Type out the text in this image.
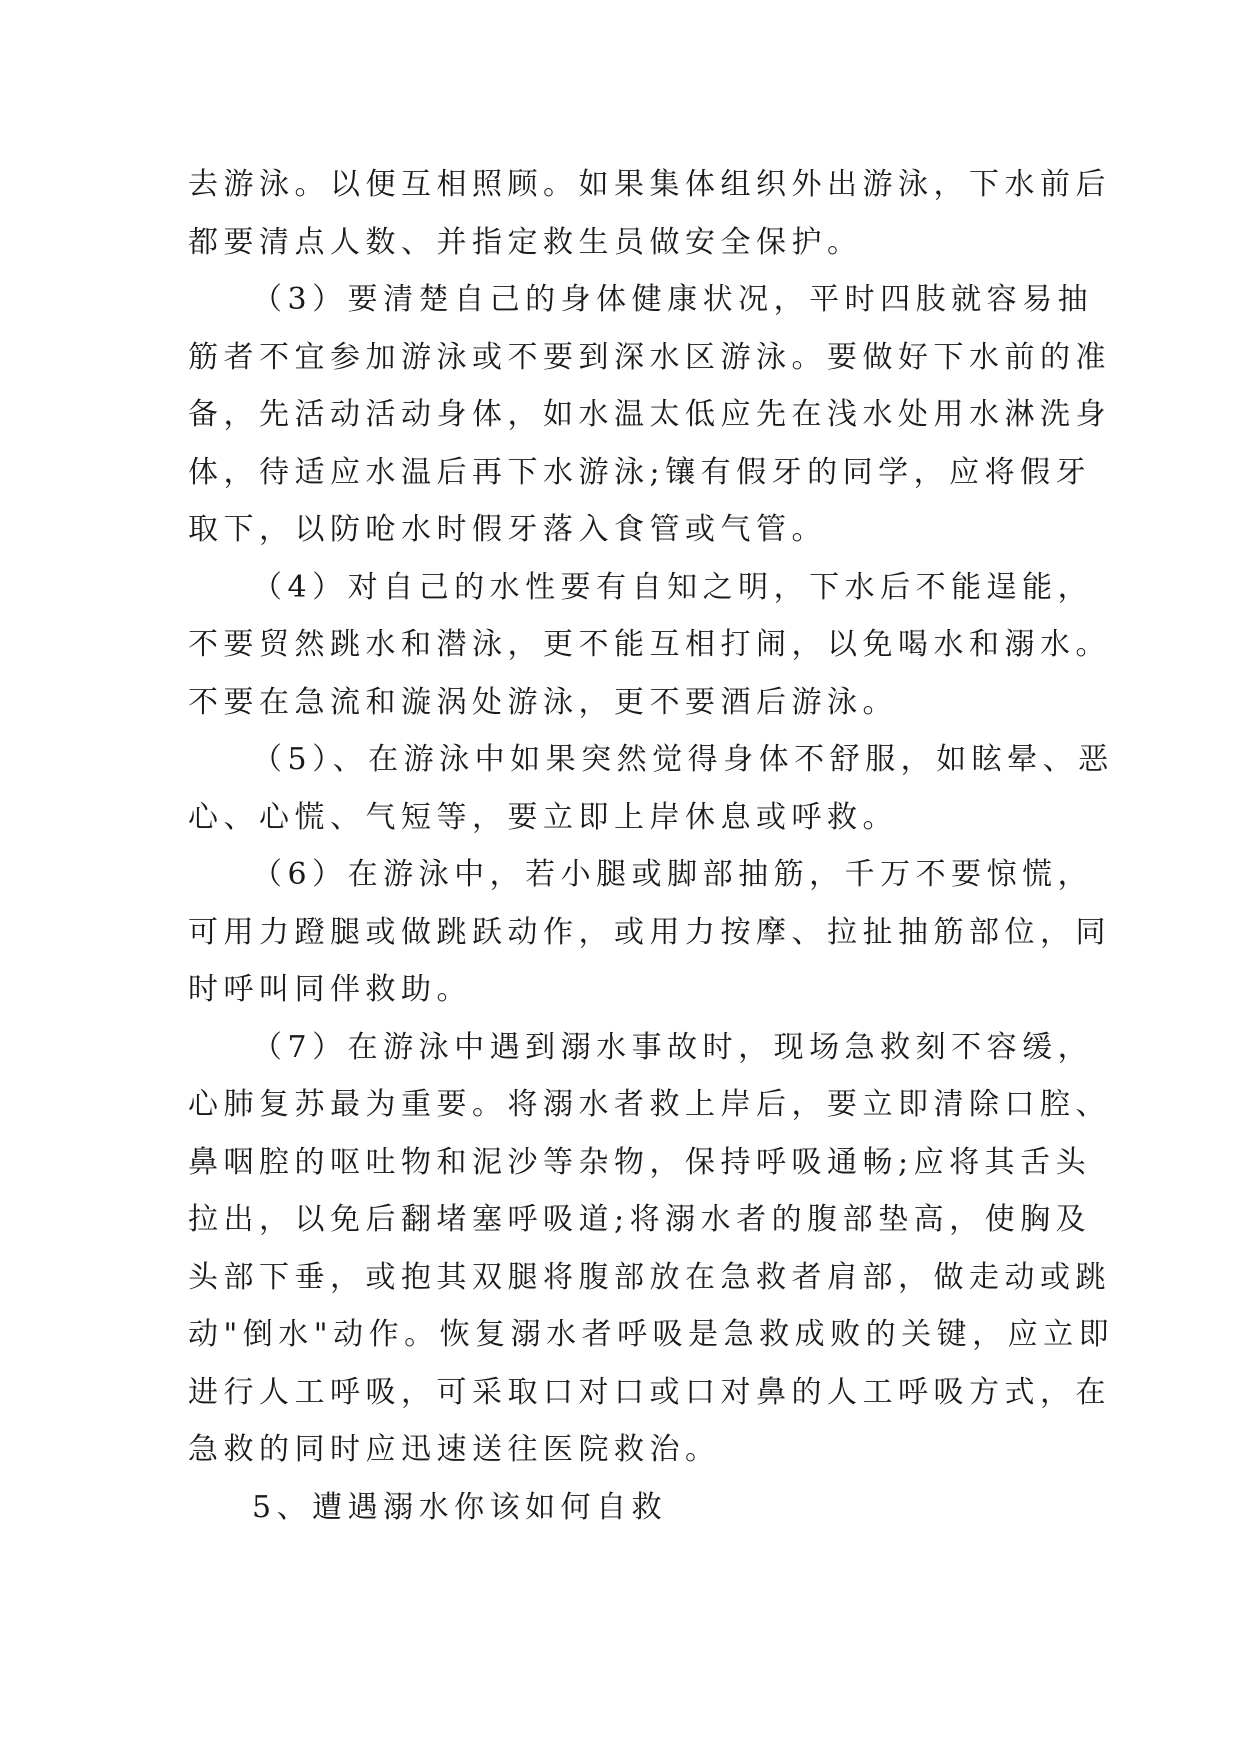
去游泳。以便互相照顾。如果集体组织外出游泳，下水前后
都要清点人数、并指定救生员做安全保护。
（3）要清楚自己的身体健康状况，平时四肢就容易抽
筋者不宜参加游泳或不要到深水区游泳。要做好下水前的准
备，先活动活动身体，如水温太低应先在浅水处用水淋洗身
体，待适应水温后再下水游泳;镶有假牙的同学，应将假牙
取下，以防呛水时假牙落入食管或气管。
（4）对自己的水性要有自知之明，下水后不能逞能，
不要贸然跳水和潜泳，更不能互相打闹，以免喝水和溺水。
不要在急流和漩涡处游泳，更不要酒后游泳。
（5）、在游泳中如果突然觉得身体不舒服，如眩晕、恶
心、心慌、气短等，要立即上岸休息或呼救。
（6）在游泳中，若小腿或脚部抽筋，千万不要惊慌，
可用力蹬腿或做跳跃动作，或用力按摩、拉扯抽筋部位，同
时呼叫同伴救助。
（7）在游泳中遇到溺水事故时，现场急救刻不容缓，
心肺复苏最为重要。将溺水者救上岸后，要立即清除口腔、
鼻咽腔的呕吐物和泥沙等杂物，保持呼吸通畅;应将其舌头
拉出，以免后翻堵塞呼吸道;将溺水者的腹部垫高，使胸及
头部下垂，或抱其双腿将腹部放在急救者肩部，做走动或跳
动"倒水"动作。恢复溺水者呼吸是急救成败的关键，应立即
进行人工呼吸，可采取口对口或口对鼻的人工呼吸方式，在
急救的同时应迅速送往医院救治。
5、遭遇溺水你该如何自救
